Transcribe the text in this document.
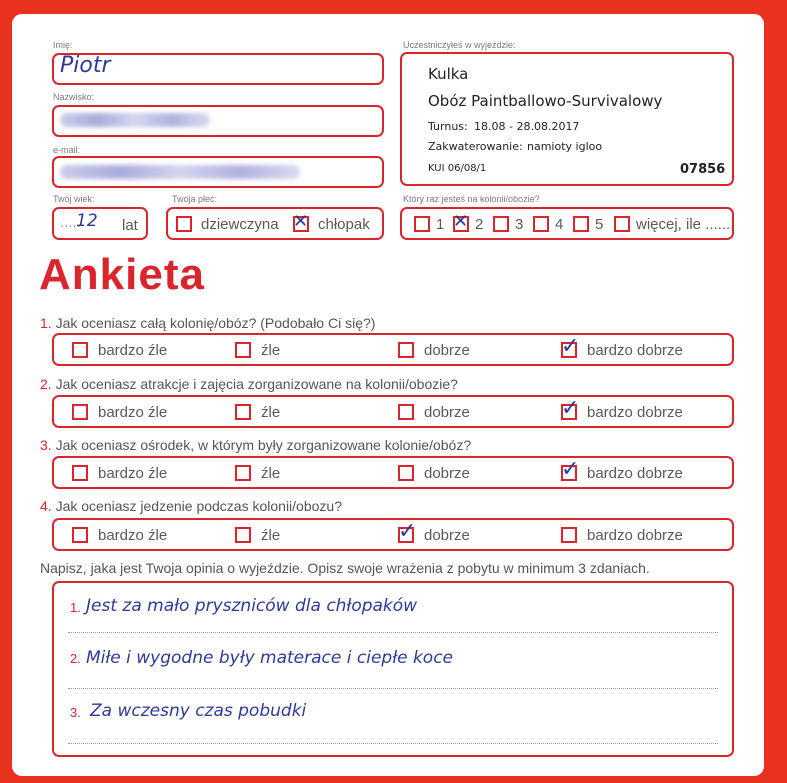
Imię:
Piotr
Nazwisko:
e-mail:
Twój wiek:
.....
12 lat
Twoja płeć:
dziewczyna ✕ chłopak
Uczestniczyłeś w wyjeździe:
Kulka
Obóz Paintballowo-Survivalowy
Turnus: 18.08 - 28.08.2017
Zakwaterowanie: namioty igloo
KUI 06/08/1	07856
Który raz jesteś na kolonii/obozie?
1 ✕ 2 3 4 5 więcej, ile .......
Ankieta
1. Jak oceniasz całą kolonię/obóz? (Podobało Ci się?)
bardzo źle	źle	dobrze	✓ bardzo dobrze
2. Jak oceniasz atrakcje i zajęcia zorganizowane na kolonii/obozie?
bardzo źle	źle	dobrze	✓ bardzo dobrze
3. Jak oceniasz ośrodek, w którym były zorganizowane kolonie/obóz?
bardzo źle	źle	dobrze	✓ bardzo dobrze
4. Jak oceniasz jedzenie podczas kolonii/obozu?
bardzo źle	źle	✓ dobrze	bardzo dobrze
Napisz, jaka jest Twoja opinia o wyjeździe. Opisz swoje wrażenia z pobytu w minimum 3 zdaniach.
1. Jest za mało pryszniców dla chłopaków
2. Miłe i wygodne były materace i ciepłe koce
3. Za wczesny czas pobudki
